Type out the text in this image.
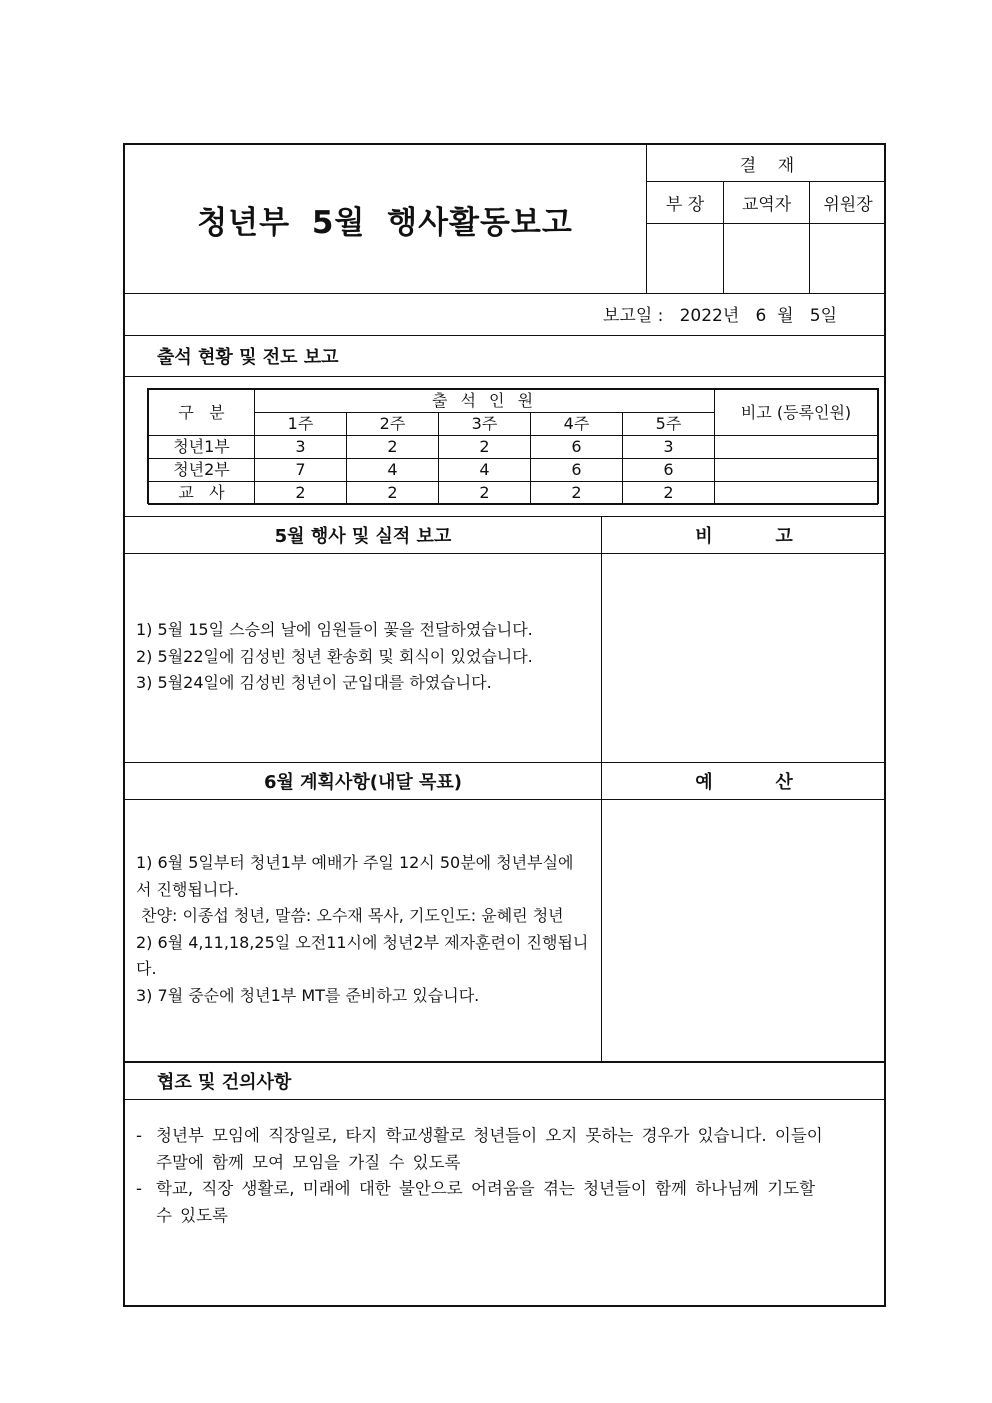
청년부 5월 행사활동보고
결    재
부 장	교역자	위원장
보고일 :   2022년   6  월   5일
출석 현황 및 전도 보고
구   분	출 석 인 원					비고 (등록인원)
	1주	2주	3주	4주	5주	
청년1부	3	2	2	6	3	
청년2부	7	4	4	6	6	
교   사	2	2	2	2	2	
5월 행사 및 실적 보고	비          고
1) 5월 15일 스승의 날에 임원들이 꽃을 전달하였습니다.
2) 5월22일에 김성빈 청년 환송회 및 회식이 있었습니다.
3) 5월24일에 김성빈 청년이 군입대를 하였습니다.
6월 계획사항(내달 목표)	예          산
1) 6월 5일부터 청년1부 예배가 주일 12시 50분에 청년부실에
서 진행됩니다.
찬양: 이종섭 청년, 말씀: 오수재 목사, 기도인도: 윤혜린 청년
2) 6월 4,11,18,25일 오전11시에 청년2부 제자훈련이 진행됩니
다.
3) 7월 중순에 청년1부 MT를 준비하고 있습니다.
협조 및 건의사항
- 청년부 모임에 직장일로, 타지 학교생활로 청년들이 오지 못하는 경우가 있습니다. 이들이
주말에 함께 모여 모임을 가질 수 있도록
- 학교, 직장 생활로, 미래에 대한 불안으로 어려움을 겪는 청년들이 함께 하나님께 기도할
수 있도록
